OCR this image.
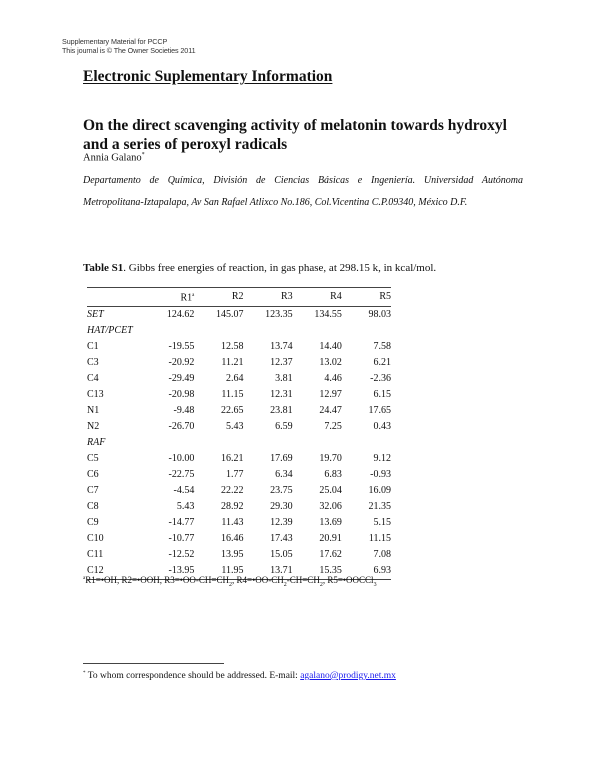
Supplementary Material for PCCP
This journal is © The Owner Societies 2011
Electronic Suplementary Information
On the direct scavenging activity of melatonin towards hydroxyl and a series of peroxyl radicals
Annia Galano*
Departamento de Química, División de Ciencias Básicas e Ingeniería. Universidad Autónoma Metropolitana-Iztapalapa, Av San Rafael Atlixco No.186, Col.Vicentina C.P.09340, México D.F.
Table S1. Gibbs free energies of reaction, in gas phase, at 298.15 k, in kcal/mol.
	R1$^a$	R2	R3	R4	R5
SET	124.62	145.07	123.35	134.55	98.03
HAT/PCET					
C1	-19.55	12.58	13.74	14.40	7.58
C3	-20.92	11.21	12.37	13.02	6.21
C4	-29.49	2.64	3.81	4.46	-2.36
C13	-20.98	11.15	12.31	12.97	6.15
N1	-9.48	22.65	23.81	24.47	17.65
N2	-26.70	5.43	6.59	7.25	0.43
RAF					
C5	-10.00	16.21	17.69	19.70	9.12
C6	-22.75	1.77	6.34	6.83	-0.93
C7	-4.54	22.22	23.75	25.04	16.09
C8	5.43	28.92	29.30	32.06	21.35
C9	-14.77	11.43	12.39	13.69	5.15
C10	-10.77	16.46	17.43	20.91	11.15
C11	-12.52	13.95	15.05	17.62	7.08
C12	-13.95	11.95	13.71	15.35	6.93
$^a$R1=•OH, R2=•OOH, $R3=•OO-CH=CH_2$, $R4=•OO-CH_2-CH=CH_2$, R5=•OOCCl$_3$
* To whom correspondence should be addressed. E-mail: agalano@prodigy.net.mx
